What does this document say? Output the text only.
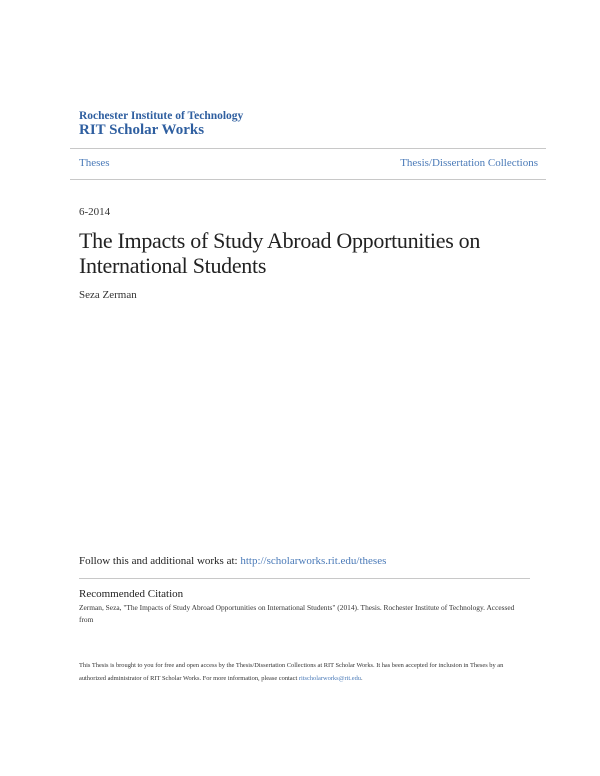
Rochester Institute of Technology
RIT Scholar Works
Theses	Thesis/Dissertation Collections
6-2014
The Impacts of Study Abroad Opportunities on International Students
Seza Zerman
Follow this and additional works at: http://scholarworks.rit.edu/theses
Recommended Citation
Zerman, Seza, "The Impacts of Study Abroad Opportunities on International Students" (2014). Thesis. Rochester Institute of Technology. Accessed from
This Thesis is brought to you for free and open access by the Thesis/Dissertation Collections at RIT Scholar Works. It has been accepted for inclusion in Theses by an authorized administrator of RIT Scholar Works. For more information, please contact ritscholarworks@rit.edu.
